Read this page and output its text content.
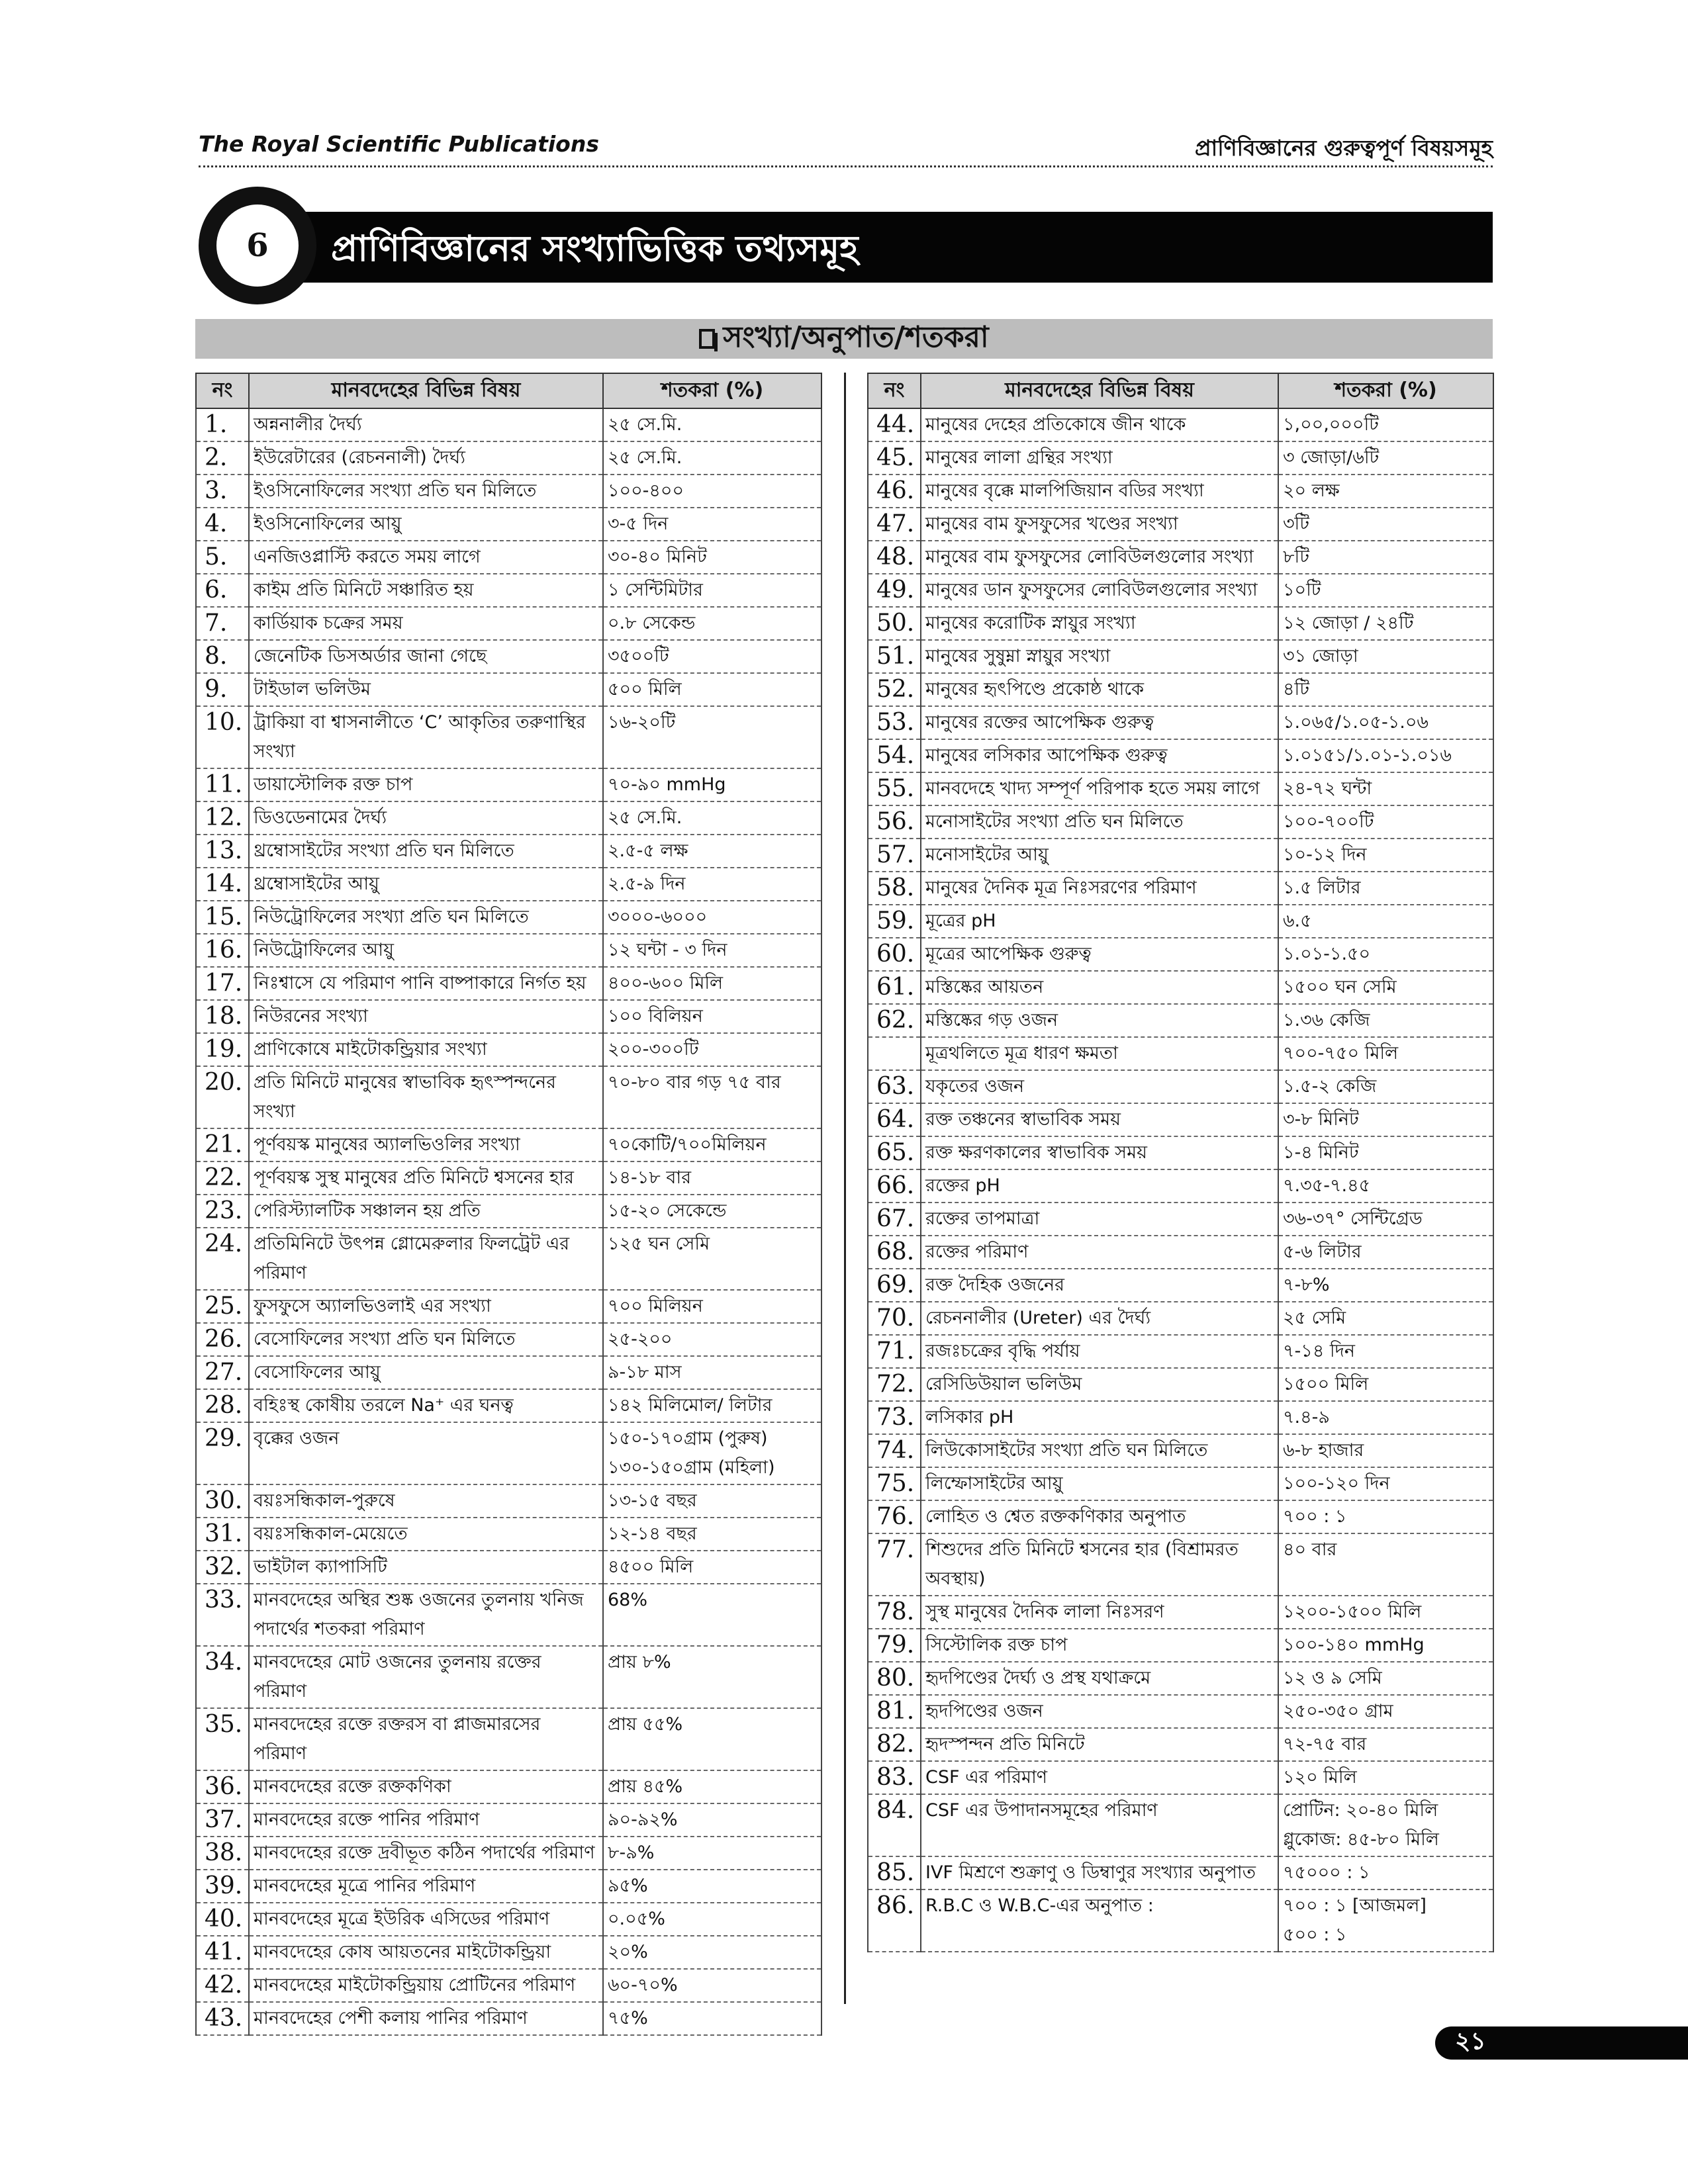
The Royal Scientific Publications	প্রাণিবিজ্ঞানের গুরুত্বপূর্ণ বিষয়সমূহ
প্রাণিবিজ্ঞানের সংখ্যাভিত্তিক তথ্যসমূহ
6
সংখ্যা/অনুপাত/শতকরা
নং	মানবদেহের বিভিন্ন বিষয়	শতকরা (%)
1.	অন্ননালীর দৈর্ঘ্য	২৫ সে.মি.
2.	ইউরেটারের (রেচননালী) দৈর্ঘ্য	২৫ সে.মি.
3.	ইওসিনোফিলের সংখ্যা প্রতি ঘন মিলিতে	১০০-৪০০
4.	ইওসিনোফিলের আয়ু	৩-৫ দিন
5.	এনজিওপ্লাস্টি করতে সময় লাগে	৩০-৪০ মিনিট
6.	কাইম প্রতি মিনিটে সঞ্চারিত হয়	১ সেন্টিমিটার
7.	কার্ডিয়াক চক্রের সময়	০.৮ সেকেন্ড
8.	জেনেটিক ডিসঅর্ডার জানা গেছে	৩৫০০টি
9.	টাইডাল ভলিউম	৫০০ মিলি
10.	ট্রাকিয়া বা শ্বাসনালীতে ‘C’ আকৃতির তরুণাস্থির সংখ্যা	১৬-২০টি
11.	ডায়াস্টোলিক রক্ত চাপ	৭০-৯০ mmHg
12.	ডিওডেনামের দৈর্ঘ্য	২৫ সে.মি.
13.	থ্রম্বোসাইটের সংখ্যা প্রতি ঘন মিলিতে	২.৫-৫ লক্ষ
14.	থ্রম্বোসাইটের আয়ু	২.৫-৯ দিন
15.	নিউট্রোফিলের সংখ্যা প্রতি ঘন মিলিতে	৩০০০-৬০০০
16.	নিউট্রোফিলের আয়ু	১২ ঘন্টা - ৩ দিন
17.	নিঃশ্বাসে যে পরিমাণ পানি বাষ্পাকারে নির্গত হয়	৪০০-৬০০ মিলি
18.	নিউরনের সংখ্যা	১০০ বিলিয়ন
19.	প্রাণিকোষে মাইটোকন্ড্রিয়ার সংখ্যা	২০০-৩০০টি
20.	প্রতি মিনিটে মানুষের স্বাভাবিক হৃৎস্পন্দনের সংখ্যা	৭০-৮০ বার গড় ৭৫ বার
21.	পূর্ণবয়স্ক মানুষের অ্যালভিওলির সংখ্যা	৭০কোটি/৭০০মিলিয়ন
22.	পূর্ণবয়স্ক সুস্থ মানুষের প্রতি মিনিটে শ্বসনের হার	১৪-১৮ বার
23.	পেরিস্ট্যালটিক সঞ্চালন হয় প্রতি	১৫-২০ সেকেন্ডে
24.	প্রতিমিনিটে উৎপন্ন গ্লোমেরুলার ফিলট্রেট এর পরিমাণ	১২৫ ঘন সেমি
25.	ফুসফুসে অ্যালভিওলাই এর সংখ্যা	৭০০ মিলিয়ন
26.	বেসোফিলের সংখ্যা প্রতি ঘন মিলিতে	২৫-২০০
27.	বেসোফিলের আয়ু	৯-১৮ মাস
28.	বহিঃস্থ কোষীয় তরলে Na⁺ এর ঘনত্ব	১৪২ মিলিমোল/ লিটার
29.	বৃক্কের ওজন	১৫০-১৭০গ্রাম (পুরুষ)
১৩০-১৫০গ্রাম (মহিলা)

30.	বয়ঃসন্ধিকাল-পুরুষে	১৩-১৫ বছর
31.	বয়ঃসন্ধিকাল-মেয়েতে	১২-১৪ বছর
32.	ভাইটাল ক্যাপাসিটি	৪৫০০ মিলি
33.	মানবদেহের অস্থির শুষ্ক ওজনের তুলনায় খনিজ পদার্থের শতকরা পরিমাণ	68%
34.	মানবদেহের মোট ওজনের তুলনায় রক্তের পরিমাণ	প্রায় ৮%
35.	মানবদেহের রক্তে রক্তরস বা প্লাজমারসের পরিমাণ	প্রায় ৫৫%
36.	মানবদেহের রক্তে রক্তকণিকা	প্রায় ৪৫%
37.	মানবদেহের রক্তে পানির পরিমাণ	৯০-৯২%
38.	মানবদেহের রক্তে দ্রবীভূত কঠিন পদার্থের পরিমাণ	৮-৯%
39.	মানবদেহের মূত্রে পানির পরিমাণ	৯৫%
40.	মানবদেহের মূত্রে ইউরিক এসিডের পরিমাণ	০.০৫%
41.	মানবদেহের কোষ আয়তনের মাইটোকন্ড্রিয়া	২০%
42.	মানবদেহের মাইটোকন্ড্রিয়ায় প্রোটিনের পরিমাণ	৬০-৭০%
43.	মানবদেহের পেশী কলায় পানির পরিমাণ	৭৫%
নং	মানবদেহের বিভিন্ন বিষয়	শতকরা (%)
44.	মানুষের দেহের প্রতিকোষে জীন থাকে	১,০০,০০০টি
45.	মানুষের লালা গ্রন্থির সংখ্যা	৩ জোড়া/৬টি
46.	মানুষের বৃক্কে মালপিজিয়ান বডির সংখ্যা	২০ লক্ষ
47.	মানুষের বাম ফুসফুসের খণ্ডের সংখ্যা	৩টি
48.	মানুষের বাম ফুসফুসের লোবিউলগুলোর সংখ্যা	৮টি
49.	মানুষের ডান ফুসফুসের লোবিউলগুলোর সংখ্যা	১০টি
50.	মানুষের করোটিক স্নায়ুর সংখ্যা	১২ জোড়া / ২৪টি
51.	মানুষের সুষুম্না স্নায়ুর সংখ্যা	৩১ জোড়া
52.	মানুষের হৃৎপিণ্ডে প্রকোষ্ঠ থাকে	৪টি
53.	মানুষের রক্তের আপেক্ষিক গুরুত্ব	১.০৬৫/১.০৫-১.০৬
54.	মানুষের লসিকার আপেক্ষিক গুরুত্ব	১.০১৫১/১.০১-১.০১৬
55.	মানবদেহে খাদ্য সম্পূর্ণ পরিপাক হতে সময় লাগে	২৪-৭২ ঘন্টা
56.	মনোসাইটের সংখ্যা প্রতি ঘন মিলিতে	১০০-৭০০টি
57.	মনোসাইটের আয়ু	১০-১২ দিন
58.	মানুষের দৈনিক মূত্র নিঃসরণের পরিমাণ	১.৫ লিটার
59.	মূত্রের pH	৬.৫
60.	মূত্রের আপেক্ষিক গুরুত্ব	১.০১-১.৫০
61.	মস্তিষ্কের আয়তন	১৫০০ ঘন সেমি
62.	মস্তিষ্কের গড় ওজন	১.৩৬ কেজি
	মূত্রথলিতে মূত্র ধারণ ক্ষমতা	৭০০-৭৫০ মিলি
63.	যকৃতের ওজন	১.৫-২ কেজি
64.	রক্ত তঞ্চনের স্বাভাবিক সময়	৩-৮ মিনিট
65.	রক্ত ক্ষরণকালের স্বাভাবিক সময়	১-৪ মিনিট
66.	রক্তের pH	৭.৩৫-৭.৪৫
67.	রক্তের তাপমাত্রা	৩৬-৩৭° সেন্টিগ্রেড
68.	রক্তের পরিমাণ	৫-৬ লিটার
69.	রক্ত দৈহিক ওজনের	৭-৮%
70.	রেচননালীর (Ureter) এর দৈর্ঘ্য	২৫ সেমি
71.	রজঃচক্রের বৃদ্ধি পর্যায়	৭-১৪ দিন
72.	রেসিডিউয়াল ভলিউম	১৫০০ মিলি
73.	লসিকার pH	৭.৪-৯
74.	লিউকোসাইটের সংখ্যা প্রতি ঘন মিলিতে	৬-৮ হাজার
75.	লিম্ফোসাইটের আয়ু	১০০-১২০ দিন
76.	লোহিত ও শ্বেত রক্তকণিকার অনুপাত	৭০০ : ১
77.	শিশুদের প্রতি মিনিটে শ্বসনের হার (বিশ্রামরত অবস্থায়)	৪০ বার
78.	সুস্থ মানুষের দৈনিক লালা নিঃসরণ	১২০০-১৫০০ মিলি
79.	সিস্টোলিক রক্ত চাপ	১০০-১৪০ mmHg
80.	হৃদপিণ্ডের দৈর্ঘ্য ও প্রস্থ যথাক্রমে	১২ ও ৯ সেমি
81.	হৃদপিণ্ডের ওজন	২৫০-৩৫০ গ্রাম
82.	হৃদস্পন্দন প্রতি মিনিটে	৭২-৭৫ বার
83.	CSF এর পরিমাণ	১২০ মিলি
84.	CSF এর উপাদানসমূহের পরিমাণ	প্রোটিন: ২০-৪০ মিলি
গ্লুকোজ: ৪৫-৮০ মিলি

85.	IVF মিশ্রণে শুক্রাণু ও ডিম্বাণুর সংখ্যার অনুপাত	৭৫০০০ : ১
86.	R.B.C ও W.B.C-এর অনুপাত :	৭০০ : ১ [আজমল]
৫০০ : ১
২১
